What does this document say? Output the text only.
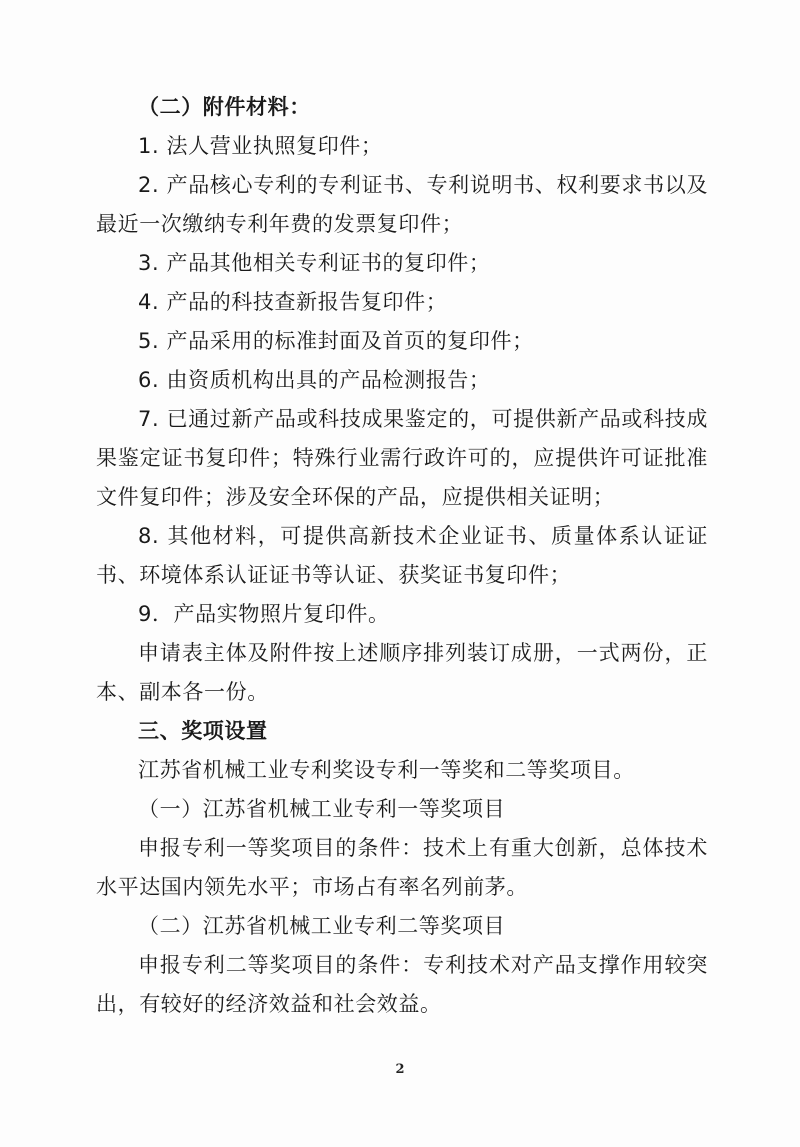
（二）附件材料：

1. 法人营业执照复印件；

2. 产品核心专利的专利证书、专利说明书、权利要求书以及最近一次缴纳专利年费的发票复印件；

3. 产品其他相关专利证书的复印件；

4. 产品的科技查新报告复印件；

5. 产品采用的标准封面及首页的复印件；

6. 由资质机构出具的产品检测报告；

7. 已通过新产品或科技成果鉴定的，可提供新产品或科技成果鉴定证书复印件；特殊行业需行政许可的，应提供许可证批准文件复印件；涉及安全环保的产品，应提供相关证明；

8. 其他材料，可提供高新技术企业证书、质量体系认证证书、环境体系认证证书等认证、获奖证书复印件；

9．产品实物照片复印件。

申请表主体及附件按上述顺序排列装订成册，一式两份，正本、副本各一份。

三、奖项设置

江苏省机械工业专利奖设专利一等奖和二等奖项目。

（一）江苏省机械工业专利一等奖项目

申报专利一等奖项目的条件：技术上有重大创新，总体技术水平达国内领先水平；市场占有率名列前茅。

（二）江苏省机械工业专利二等奖项目

申报专利二等奖项目的条件：专利技术对产品支撑作用较突出，有较好的经济效益和社会效益。

2
